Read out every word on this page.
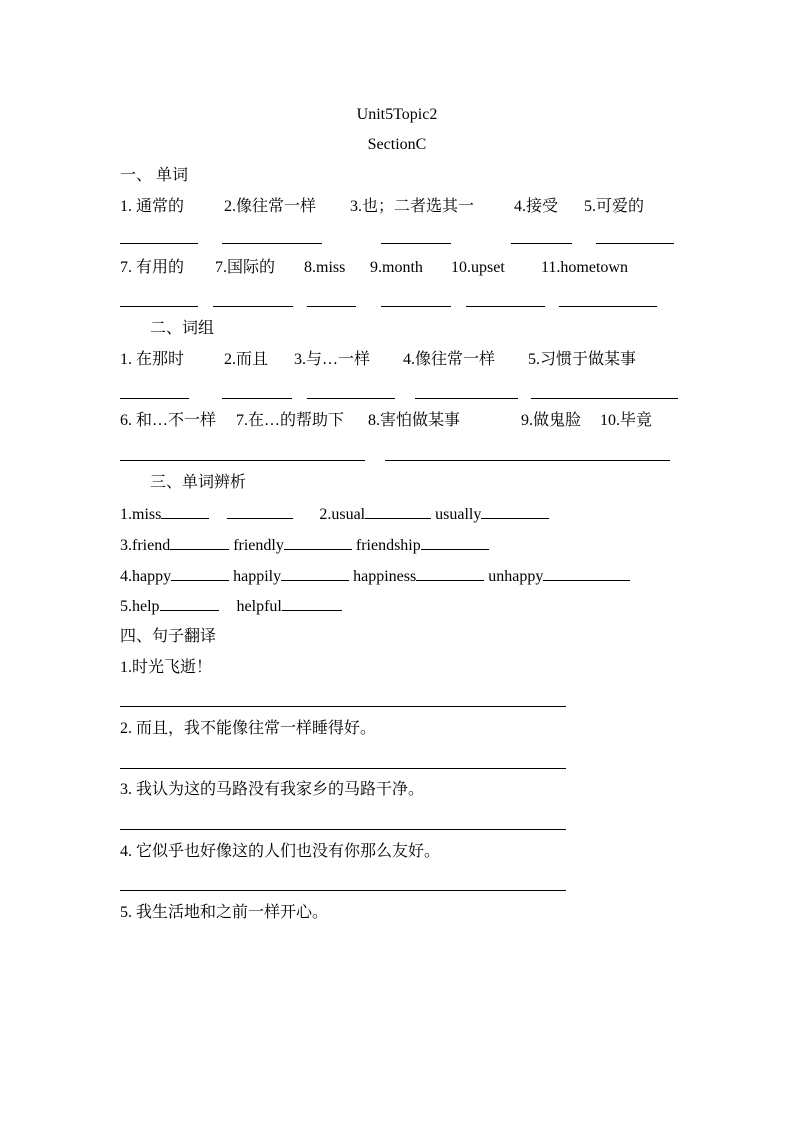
Unit5Topic2
SectionC
一、 单词
1. 通常的 2.像往常一样 3.也；二者选其一 4.接受 5.可爱的
7. 有用的 7.国际的 8.miss 9.month 10.upset 11.hometown
二、词组
1. 在那时 2.而且 3.与…一样 4.像往常一样 5.习惯于做某事
6. 和…不一样 7.在…的帮助下 8.害怕做某事	9.做鬼脸 10.毕竟
三、单词辨析
1.miss	2.usual	usually
3.friend	friendly	friendship
4.happy	happily	happiness	unhappy
5.help	helpful
四、句子翻译
1.时光飞逝！
2. 而且，我不能像往常一样睡得好。
3. 我认为这的马路没有我家乡的马路干净。
4. 它似乎也好像这的人们也没有你那么友好。
5. 我生活地和之前一样开心。
